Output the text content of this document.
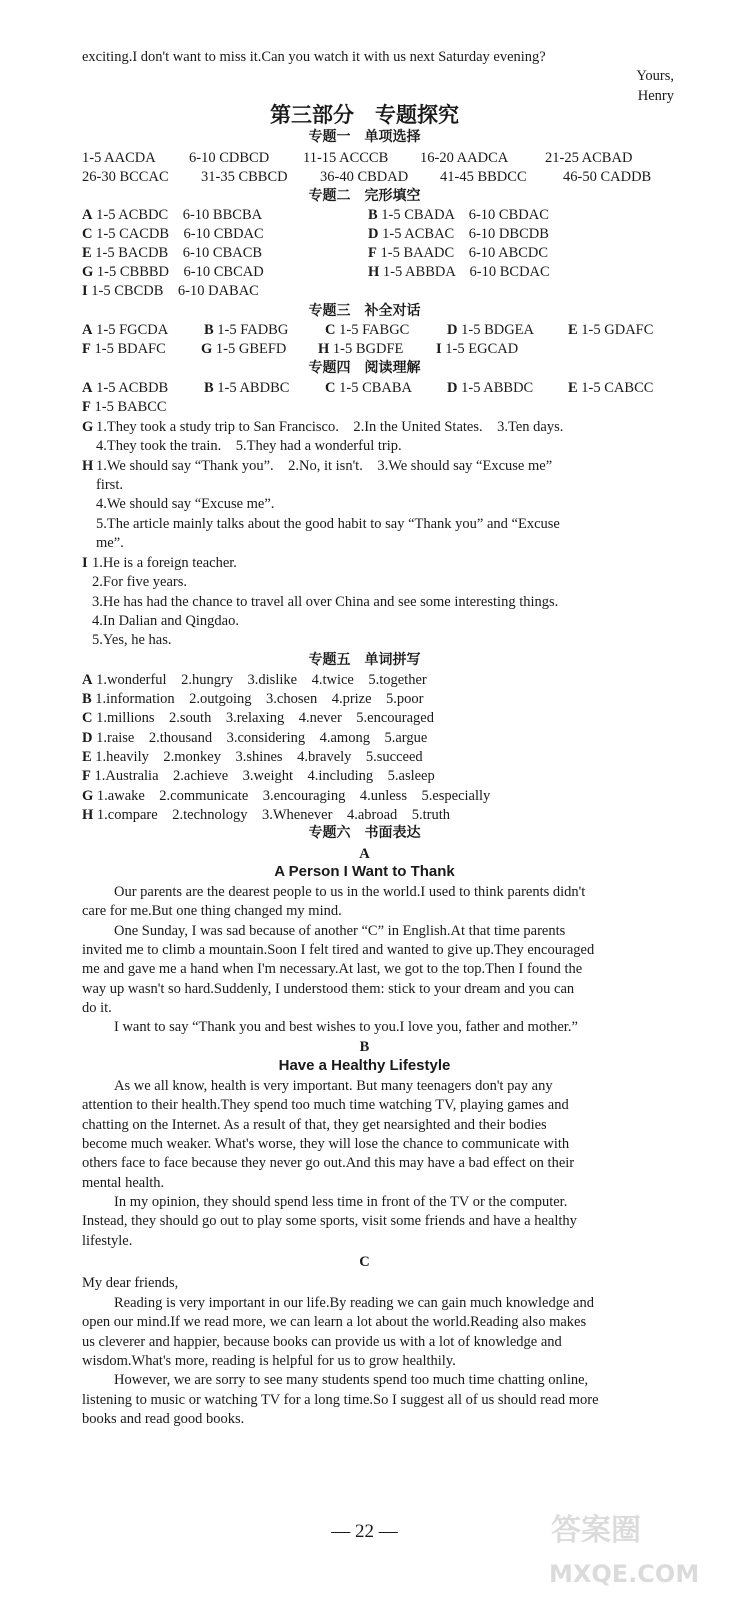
exciting.I don't want to miss it.Can you watch it with us next Saturday evening?
Yours,
Henry
第三部分　专题探究
专题一　单项选择
1-5 AACDA 6-10 CDBCD 11-15 ACCCB 16-20 AADCA	21-25 ACBAD
26-30 BCCAC 31-35 CBBCD 36-40 CBDAD 41-45 BBDCC	46-50 CADDB
专题二　完形填空
A 1-5 ACBDC　6-10 BBCBA	B 1-5 CBADA　6-10 CBDAC
C 1-5 CACDB　6-10 CBDAC	D 1-5 ACBAC　6-10 DBCDB
E 1-5 BACDB　6-10 CBACB	F 1-5 BAADC　6-10 ABCDC
G 1-5 CBBBD　6-10 CBCAD	H 1-5 ABBDA　6-10 BCDAC
I 1-5 CBCDB　6-10 DABAC
专题三　补全对话
A 1-5 FGCDA B 1-5 FADBG	C 1-5 FABGC	D 1-5 BDGEA E 1-5 GDAFC
F 1-5 BDAFC G 1-5 GBEFD H 1-5 BGDFE I 1-5 EGCAD
专题四　阅读理解
A 1-5 ACBDB B 1-5 ABDBC C 1-5 CBABA D 1-5 ABBDC E 1-5 CABCC
F 1-5 BABCC
G 1.They took a study trip to San Francisco.　2.In the United States.　3.Ten days.
4.They took the train.　5.They had a wonderful trip.
H 1.We should say “Thank you”.　2.No, it isn't.　3.We should say “Excuse me”
first.
4.We should say “Excuse me”.
5.The article mainly talks about the good habit to say “Thank you” and “Excuse
me”.
I 1.He is a foreign teacher.
2.For five years.
3.He has had the chance to travel all over China and see some interesting things.
4.In Dalian and Qingdao.
5.Yes, he has.
专题五　单词拼写
A 1.wonderful　2.hungry　3.dislike　4.twice　5.together
B 1.information　2.outgoing　3.chosen　4.prize　5.poor
C 1.millions　2.south　3.relaxing　4.never　5.encouraged
D 1.raise　2.thousand　3.considering　4.among　5.argue
E 1.heavily　2.monkey　3.shines　4.bravely　5.succeed
F 1.Australia　2.achieve　3.weight　4.including　5.asleep
G 1.awake　2.communicate　3.encouraging　4.unless　5.especially
H 1.compare　2.technology　3.Whenever　4.abroad　5.truth
专题六　书面表达
A
A Person I Want to Thank
Our parents are the dearest people to us in the world.I used to think parents didn't
care for me.But one thing changed my mind.
One Sunday, I was sad because of another “C” in English.At that time parents
invited me to climb a mountain.Soon I felt tired and wanted to give up.They encouraged
me and gave me a hand when I'm necessary.At last, we got to the top.Then I found the
way up wasn't so hard.Suddenly, I understood them: stick to your dream and you can
do it.
I want to say “Thank you and best wishes to you.I love you, father and mother.”
B
Have a Healthy Lifestyle
As we all know, health is very important. But many teenagers don't pay any
attention to their health.They spend too much time watching TV, playing games and
chatting on the Internet. As a result of that, they get nearsighted and their bodies
become much weaker. What's worse, they will lose the chance to communicate with
others face to face because they never go out.And this may have a bad effect on their
mental health.
In my opinion, they should spend less time in front of the TV or the computer.
Instead, they should go out to play some sports, visit some friends and have a healthy
lifestyle.
C
My dear friends,
Reading is very important in our life.By reading we can gain much knowledge and
open our mind.If we read more, we can learn a lot about the world.Reading also makes
us cleverer and happier, because books can provide us with a lot of knowledge and
wisdom.What's more, reading is helpful for us to grow healthily.
However, we are sorry to see many students spend too much time chatting online,
listening to music or watching TV for a long time.So I suggest all of us should read more
books and read good books.
— 22 —	答案圈
MXQE.COM
